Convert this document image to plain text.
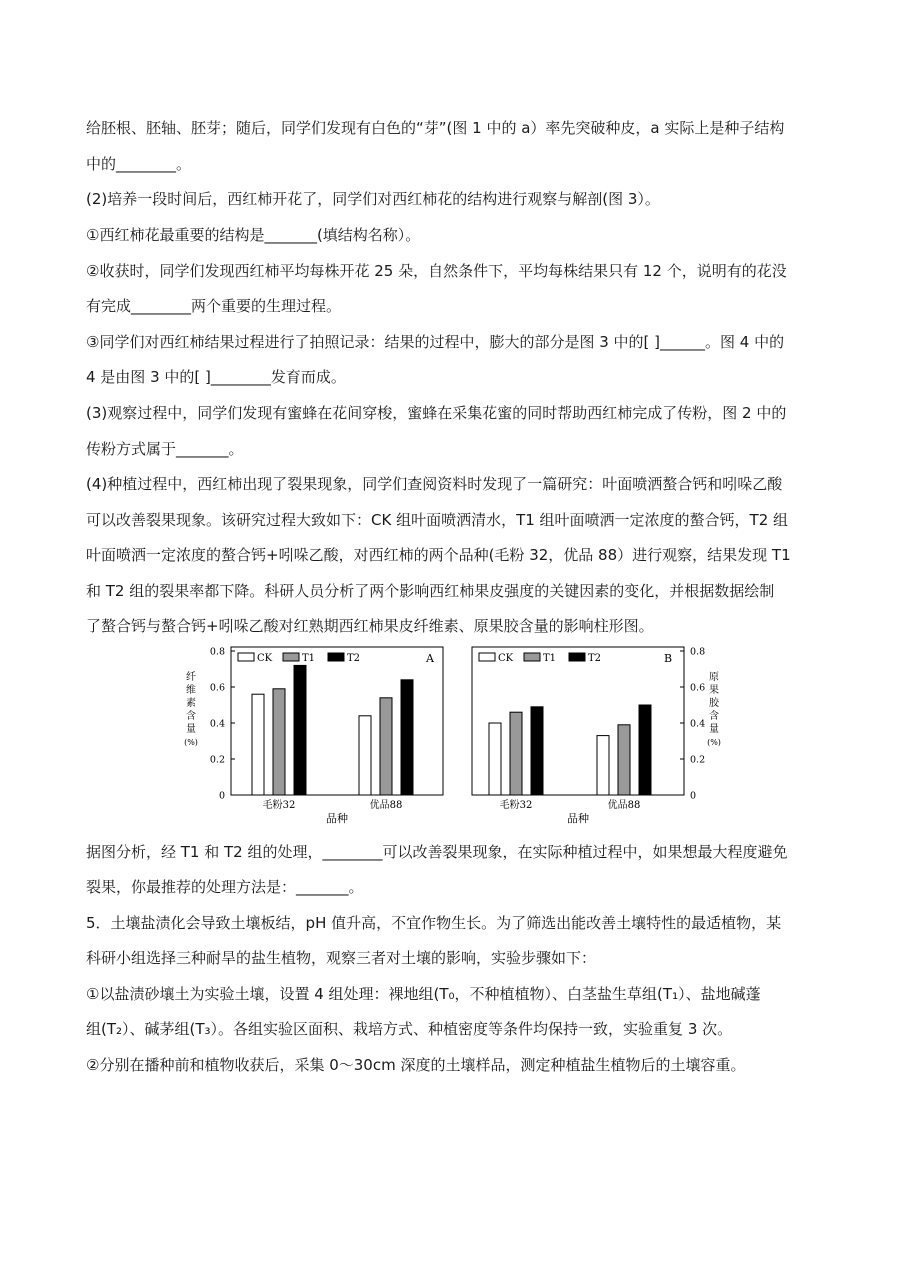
给胚根、胚轴、胚芽；随后，同学们发现有白色的“芽”(图 1 中的 a）率先突破种皮，a 实际上是种子结构
中的________。
(2)培养一段时间后，西红柿开花了，同学们对西红柿花的结构进行观察与解剖(图 3）。
①西红柿花最重要的结构是_______(填结构名称）。
②收获时，同学们发现西红柿平均每株开花 25 朵，自然条件下，平均每株结果只有 12 个，说明有的花没
有完成________两个重要的生理过程。
③同学们对西红柿结果过程进行了拍照记录：结果的过程中，膨大的部分是图 3 中的[ ]______。图 4 中的
4 是由图 3 中的[ ]________发育而成。
(3)观察过程中，同学们发现有蜜蜂在花间穿梭，蜜蜂在采集花蜜的同时帮助西红柿完成了传粉，图 2 中的
传粉方式属于_______。
(4)种植过程中，西红柿出现了裂果现象，同学们查阅资料时发现了一篇研究：叶面喷洒螯合钙和吲哚乙酸
可以改善裂果现象。该研究过程大致如下：CK 组叶面喷洒清水，T1 组叶面喷洒一定浓度的螯合钙，T2 组
叶面喷洒一定浓度的螯合钙+吲哚乙酸，对西红柿的两个品种(毛粉 32，优品 88）进行观察，结果发现 T1
和 T2 组的裂果率都下降。科研人员分析了两个影响西红柿果皮强度的关键因素的变化，并根据数据绘制
了螯合钙与螯合钙+吲哚乙酸对红熟期西红柿果皮纤维素、原果胶含量的影响柱形图。
0
0.2
0.4
0.6
0.8
纤维素含量(%)
毛粉32	优品88
CK	T1	T2	A
品种
0
0.2
0.4
0.6
0.8
原果胶含量(%)
毛粉32	优品88
CK	T1	T2	B
品种
据图分析，经 T1 和 T2 组的处理，________可以改善裂果现象，在实际种植过程中，如果想最大程度避免
裂果，你最推荐的处理方法是：_______。
5．土壤盐渍化会导致土壤板结，pH 值升高，不宜作物生长。为了筛选出能改善土壤特性的最适植物，某
科研小组选择三种耐旱的盐生植物，观察三者对土壤的影响，实验步骤如下：
①以盐渍砂壤土为实验土壤，设置 4 组处理：裸地组(T₀，不种植植物）、白茎盐生草组(T₁）、盐地碱蓬
组(T₂）、碱茅组(T₃）。各组实验区面积、栽培方式、种植密度等条件均保持一致，实验重复 3 次。
②分别在播种前和植物收获后，采集 0～30cm 深度的土壤样品，测定种植盐生植物后的土壤容重。
